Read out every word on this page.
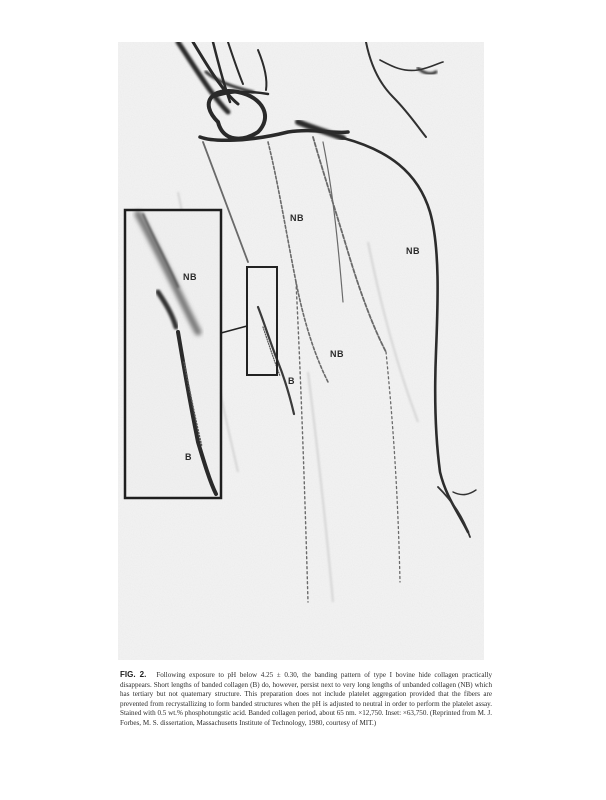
NB
NB
NB
B
NB
B
FIG. 2. Following exposure to pH below 4.25 ± 0.30, the banding pattern of type I bovine hide collagen practically disappears. Short lengths of banded collagen (B) do, however, persist next to very long lengths of unbanded collagen (NB) which has tertiary but not quaternary structure. This preparation does not include platelet aggregation provided that the fibers are prevented from recrystallizing to form banded structures when the pH is adjusted to neutral in order to perform the platelet assay. Stained with 0.5 wt.% phosphotungstic acid. Banded collagen period, about 65 nm. ×12,750. Inset: ×63,750. (Reprinted from M. J. Forbes, M. S. dissertation, Massachusetts Institute of Technology, 1980, courtesy of MIT.)
